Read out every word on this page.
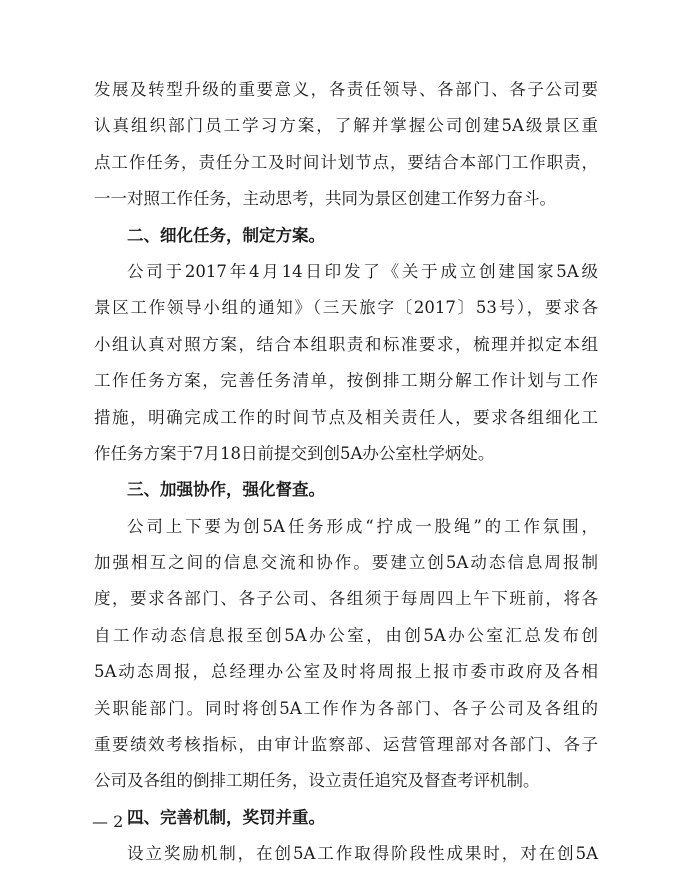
发展及转型升级的重要意义，各责任领导、各部门、各子公司要
认真组织部门员工学习方案，了解并掌握公司创建5A级景区重
点工作任务，责任分工及时间计划节点，要结合本部门工作职责，
一一对照工作任务，主动思考，共同为景区创建工作努力奋斗。
二、细化任务，制定方案。
公司于2017年4月14日印发了《关于成立创建国家5A级
景区工作领导小组的通知》（三天旅字〔2017〕53号），要求各
小组认真对照方案，结合本组职责和标准要求，梳理并拟定本组
工作任务方案，完善任务清单，按倒排工期分解工作计划与工作
措施，明确完成工作的时间节点及相关责任人，要求各组细化工
作任务方案于7月18日前提交到创5A办公室杜学炳处。
三、加强协作，强化督查。
公司上下要为创5A任务形成“拧成一股绳”的工作氛围，
加强相互之间的信息交流和协作。要建立创5A动态信息周报制
度，要求各部门、各子公司、各组须于每周四上午下班前，将各
自工作动态信息报至创5A办公室，由创5A办公室汇总发布创
5A动态周报，总经理办公室及时将周报上报市委市政府及各相
关职能部门。同时将创5A工作作为各部门、各子公司及各组的
重要绩效考核指标，由审计监察部、运营管理部对各部门、各子
公司及各组的倒排工期任务，设立责任追究及督查考评机制。
四、完善机制，奖罚并重。
设立奖励机制，在创5A工作取得阶段性成果时，对在创5A
— 2 —
